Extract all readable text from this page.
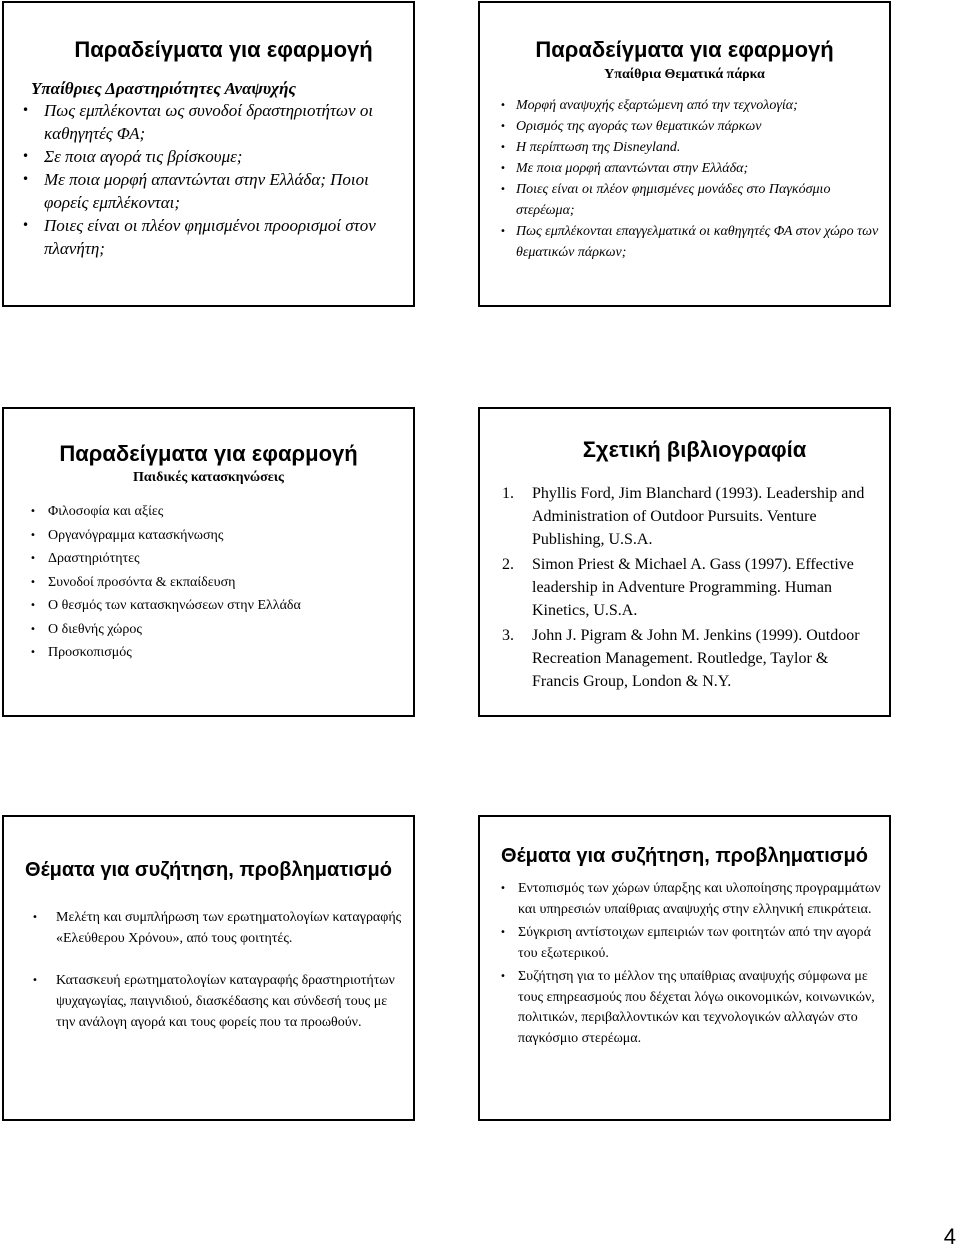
Παραδείγματα για εφαρμογή
Υπαίθριες Δραστηριότητες Αναψυχής
• Πως εμπλέκονται ως συνοδοί δραστηριοτήτων οι καθηγητές ΦΑ;
• Σε ποια αγορά τις βρίσκουμε;
• Με ποια μορφή απαντώνται στην Ελλάδα; Ποιοι φορείς εμπλέκονται;
• Ποιες είναι οι πλέον φημισμένοι προορισμοί στον πλανήτη;
Παραδείγματα για εφαρμογή
Υπαίθρια Θεματικά πάρκα
• Μορφή αναψυχής εξαρτώμενη από την τεχνολογία;
• Ορισμός της αγοράς των θεματικών πάρκων
• Η περίπτωση της Disneyland.
• Με ποια μορφή απαντώνται στην Ελλάδα;
• Ποιες είναι οι πλέον φημισμένες μονάδες στο Παγκόσμιο στερέωμα;
• Πως εμπλέκονται επαγγελματικά οι καθηγητές ΦΑ στον χώρο των θεματικών πάρκων;
Παραδείγματα για εφαρμογή
Παιδικές κατασκηνώσεις
• Φιλοσοφία και αξίες
• Οργανόγραμμα κατασκήνωσης
• Δραστηριότητες
• Συνοδοί προσόντα & εκπαίδευση
• Ο θεσμός των κατασκηνώσεων στην Ελλάδα
• Ο διεθνής χώρος
• Προσκοπισμός
Σχετική βιβλιογραφία
1. Phyllis Ford, Jim Blanchard (1993). Leadership and Administration of Outdoor Pursuits. Venture Publishing, U.S.A.
2. Simon Priest & Michael A. Gass (1997). Effective leadership in Adventure Programming. Human Kinetics, U.S.A.
3. John J. Pigram & John M. Jenkins (1999). Outdoor Recreation Management. Routledge, Taylor & Francis Group, London & N.Y.
Θέματα για συζήτηση, προβληματισμό
• Μελέτη και συμπλήρωση των ερωτηματολογίων καταγραφής «Ελεύθερου Χρόνου», από τους φοιτητές.
• Κατασκευή ερωτηματολογίων καταγραφής δραστηριοτήτων ψυχαγωγίας, παιγνιδιού, διασκέδασης και σύνδεσή τους με την ανάλογη αγορά και τους φορείς που τα προωθούν.
Θέματα για συζήτηση, προβληματισμό
• Εντοπισμός των χώρων ύπαρξης και υλοποίησης προγραμμάτων και υπηρεσιών υπαίθριας αναψυχής στην ελληνική επικράτεια.
• Σύγκριση αντίστοιχων εμπειριών των φοιτητών από την αγορά του εξωτερικού.
• Συζήτηση για το μέλλον της υπαίθριας αναψυχής σύμφωνα με τους επηρεασμούς που δέχεται λόγω οικονομικών, κοινωνικών, πολιτικών, περιβαλλοντικών και τεχνολογικών αλλαγών στο παγκόσμιο στερέωμα.
4
